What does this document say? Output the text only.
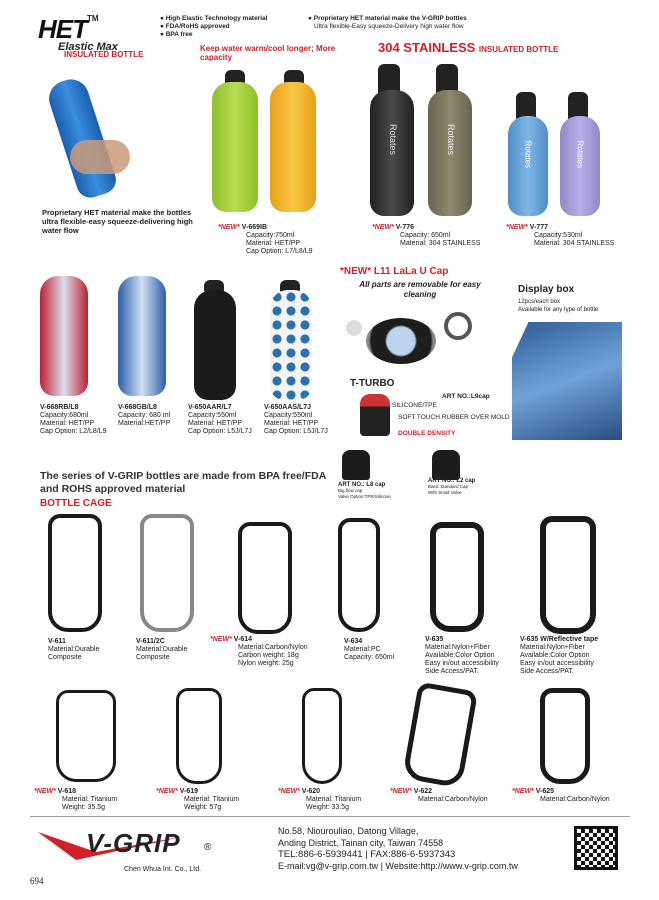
HET™
Elastic Max
● High Elastic Technology material
● FDA/RoHS approved
● BPA free
● Proprietary HET material make the V-GRIP bottles
Ultra flexible-Easy squeeze-Delivery high water flow
INSULATED BOTTLE
Keep water warm/cool longer; More capacity
304 STAINLESS INSULATED BOTTLE
Proprietary HET material make the bottles ultra flexible-easy squeeze-delivering high water flow
Rotates	Rotates	Rotates	Rotates
*NEW* V-669IB
Capacity:750ml
Material: HET/PP
Cap Option: L7/L8/L9
*NEW* V-776
Capacity: 650ml
Material: 304 STAINLESS
*NEW* V-777
Capacity:530ml
Material: 304 STAINLESS
V-668RB/L8
Capacity:680ml
Material: HET/PP
Cap Option: L2/L8/L9
V-668GB/L8
Capacity: 680 ml
Material:HET/PP
V-650AAR/L7
Capacity:550ml
Material: HET/PP
Cap Option: L5J/L7J
V-650AAS/L7J
Capacity:550ml
Material: HET/PP
Cap Option: L5J/L7J
*NEW* L11 LaLa U Cap
All parts are removable for easy cleaning
T-TURBO
ART NO.:L9cap
SILICONE/TPE
SOFT TOUCH RUBBER OVER MOLD
DOUBLE DENSITY
ART NO.: L8 cap
Big flow cap
Valve Option:TPR/Silicone
ART NO.: L2 cap
Basic Standard Cap
With Small Valve
Display box
12pcs/each box
Available for any type of bottle
The series of V-GRIP bottles are made from BPA free/FDA and ROHS approved material
BOTTLE CAGE
V-611
Material:Durable
Composite
V-611/2C
Material:Durable
Composite
*NEW* V-614
Material:Carbon/Nylon
Carbon weight: 18g
Nylon weight: 25g
V-634
Material:PC
Capacity: 650ml
V-635
Material:Nylon+Fiber
Available:Color Option
Easy in/out accessibility
Side Access/PAT.
V-635 W/Reflective tape
Material:Nylon+Fiber
Available:Color Option
Easy in/out accessibility
Side Access/PAT.
*NEW* V-618
Material: Titanium
Weight: 35.5g
*NEW* V-619
Material: Titanium
Weight: 57g
*NEW* V-620
Material: Titanium
Weight: 33.5g
*NEW* V-622
Material:Carbon/Nylon
*NEW* V-625
Material:Carbon/Nylon
V-GRIP ®
Chen Whua Int. Co., Ltd.
694
No.58, Niourouliao, Datong Village,
Anding District, Tainan city, Taiwan 74558
TEL:886-6-5939441 | FAX:886-6-5937343
E-mail:vg@v-grip.com.tw | Website:http://www.v-grip.com.tw
